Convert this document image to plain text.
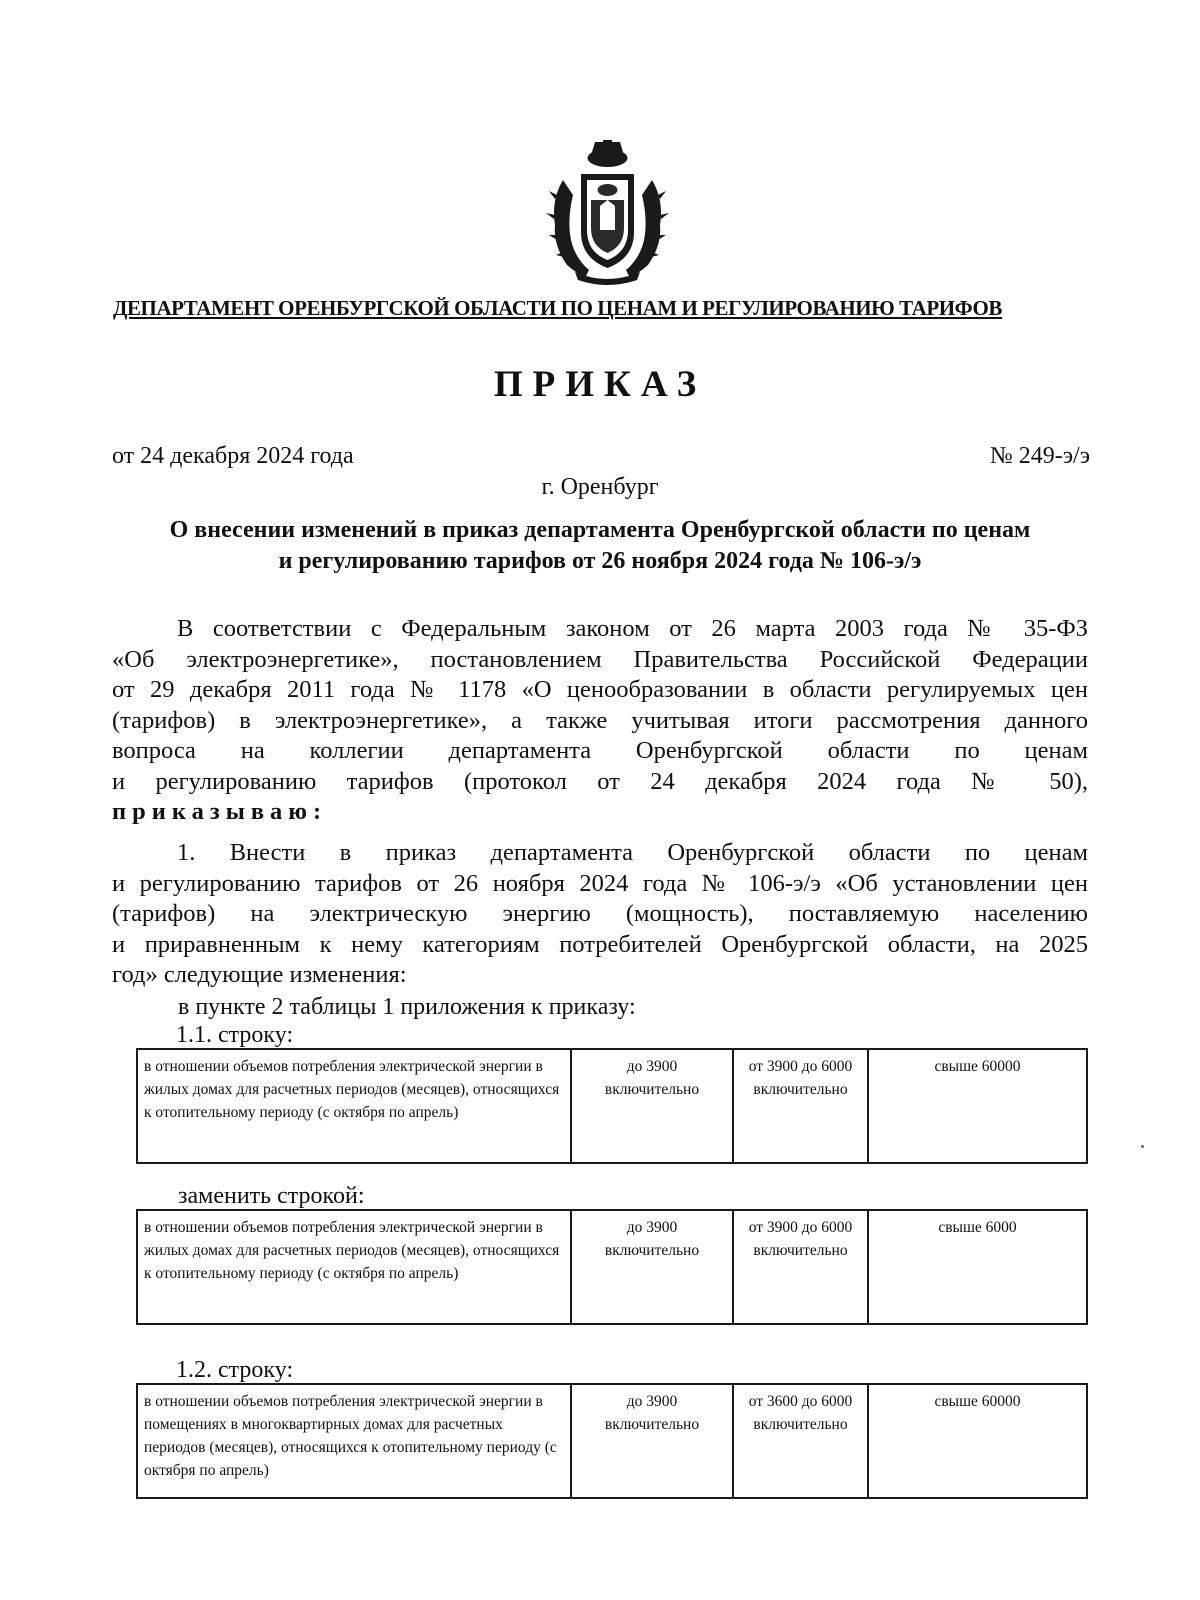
ДЕПАРТАМЕНТ ОРЕНБУРГСКОЙ ОБЛАСТИ ПО ЦЕНАМ И РЕГУЛИРОВАНИЮ ТАРИФОВ
ПРИКАЗ
от 24 декабря 2024 года	№ 249-э/э
г. Оренбург
О внесении изменений в приказ департамента Оренбургской области по ценам
и регулированию тарифов от 26 ноября 2024 года № 106-э/э
В соответствии с Федеральным законом от 26 марта 2003 года № 35-ФЗ
«Об электроэнергетике», постановлением Правительства Российской Федерации
от 29 декабря 2011 года № 1178 «О ценообразовании в области регулируемых цен
(тарифов) в электроэнергетике», а также учитывая итоги рассмотрения данного
вопроса на коллегии департамента Оренбургской области по ценам
и регулированию тарифов (протокол от 24 декабря 2024 года № 50),
приказываю:
1. Внести в приказ департамента Оренбургской области по ценам
и регулированию тарифов от 26 ноября 2024 года № 106-э/э «Об установлении цен
(тарифов) на электрическую энергию (мощность), поставляемую населению
и приравненным к нему категориям потребителей Оренбургской области, на 2025
год» следующие изменения:
в пункте 2 таблицы 1 приложения к приказу:
1.1. строку:
в отношении объемов потребления электрической энергии в жилых домах для расчетных периодов (месяцев), относящихся к отопительному периоду (с октября по апрель)	до 3900 включительно	от 3900 до 6000 включительно	свыше 60000
заменить строкой:
в отношении объемов потребления электрической энергии в жилых домах для расчетных периодов (месяцев), относящихся к отопительному периоду (с октября по апрель)	до 3900 включительно	от 3900 до 6000 включительно	свыше 6000
1.2. строку:
в отношении объемов потребления электрической энергии в помещениях в многоквартирных домах для расчетных периодов (месяцев), относящихся к отопительному периоду (с октября по апрель)	до 3900 включительно	от 3600 до 6000 включительно	свыше 60000
